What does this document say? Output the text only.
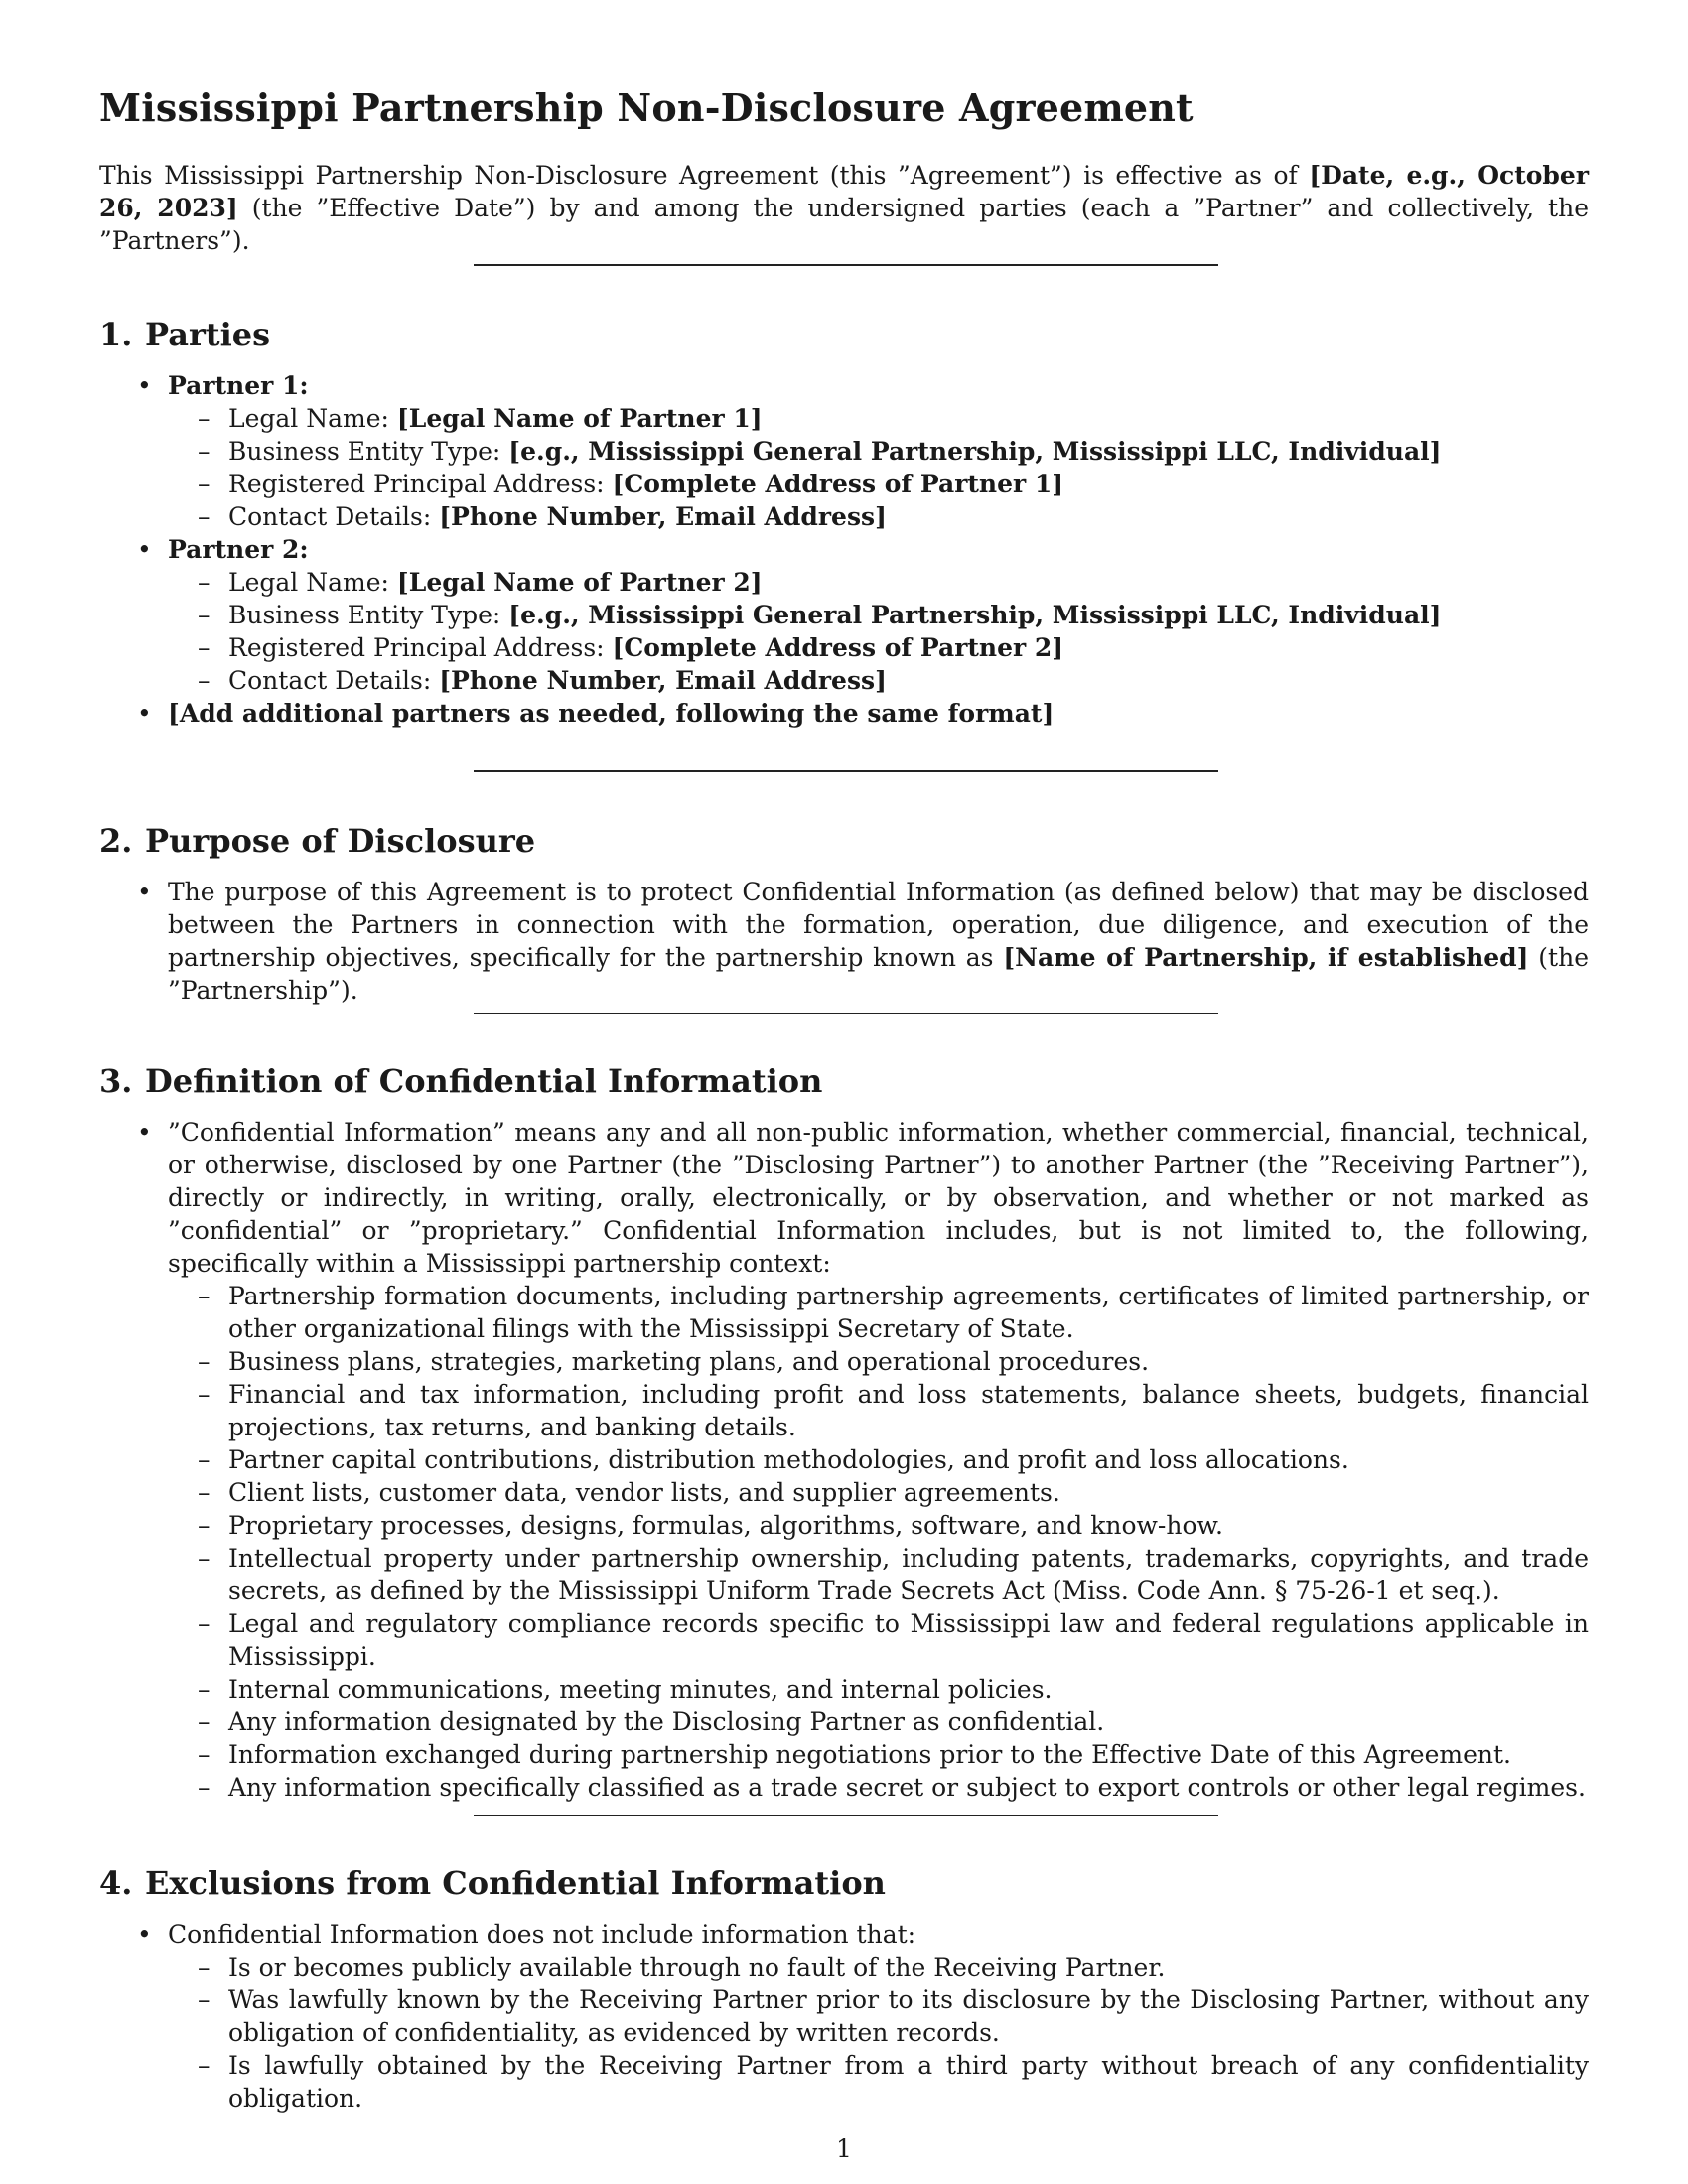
Mississippi Partnership Non-Disclosure Agreement

This Mississippi Partnership Non-Disclosure Agreement (this ”Agreement”) is effective as of [Date, e.g., October 26, 2023] (the ”Effective Date”) by and among the undersigned parties (each a ”Partner” and collectively, the ”Partners”).

1. Parties
• Partner 1:
– Legal Name: [Legal Name of Partner 1]
– Business Entity Type: [e.g., Mississippi General Partnership, Mississippi LLC, Individual]
– Registered Principal Address: [Complete Address of Partner 1]
– Contact Details: [Phone Number, Email Address]
• Partner 2:
– Legal Name: [Legal Name of Partner 2]
– Business Entity Type: [e.g., Mississippi General Partnership, Mississippi LLC, Individual]
– Registered Principal Address: [Complete Address of Partner 2]
– Contact Details: [Phone Number, Email Address]
• [Add additional partners as needed, following the same format]
2. Purpose of Disclosure
• The purpose of this Agreement is to protect Confidential Information (as defined below) that may be disclosed between the Partners in connection with the formation, operation, due diligence, and execution of the partnership objectives, specifically for the partnership known as [Name of Partnership, if established] (the ”Partnership”).
3. Definition of Confidential Information
• ”Confidential Information” means any and all non-public information, whether commercial, financial, technical, or otherwise, disclosed by one Partner (the ”Disclosing Partner”) to another Partner (the ”Receiving Partner”), directly or indirectly, in writing, orally, electronically, or by observation, and whether or not marked as ”confidential” or ”proprietary.” Confidential Information includes, but is not limited to, the following, specifically within a Mississippi partnership context:
– Partnership formation documents, including partnership agreements, certificates of limited partnership, or other organizational filings with the Mississippi Secretary of State.
– Business plans, strategies, marketing plans, and operational procedures.
– Financial and tax information, including profit and loss statements, balance sheets, budgets, financial projections, tax returns, and banking details.
– Partner capital contributions, distribution methodologies, and profit and loss allocations.
– Client lists, customer data, vendor lists, and supplier agreements.
– Proprietary processes, designs, formulas, algorithms, software, and know-how.
– Intellectual property under partnership ownership, including patents, trademarks, copyrights, and trade secrets, as defined by the Mississippi Uniform Trade Secrets Act (Miss. Code Ann. § 75-26-1 et seq.).
– Legal and regulatory compliance records specific to Mississippi law and federal regulations applicable in Mississippi.
– Internal communications, meeting minutes, and internal policies.
– Any information designated by the Disclosing Partner as confidential.
– Information exchanged during partnership negotiations prior to the Effective Date of this Agreement.
– Any information specifically classified as a trade secret or subject to export controls or other legal regimes.
4. Exclusions from Confidential Information
• Confidential Information does not include information that:
– Is or becomes publicly available through no fault of the Receiving Partner.
– Was lawfully known by the Receiving Partner prior to its disclosure by the Disclosing Partner, without any obligation of confidentiality, as evidenced by written records.
– Is lawfully obtained by the Receiving Partner from a third party without breach of any confidentiality obligation.
1
